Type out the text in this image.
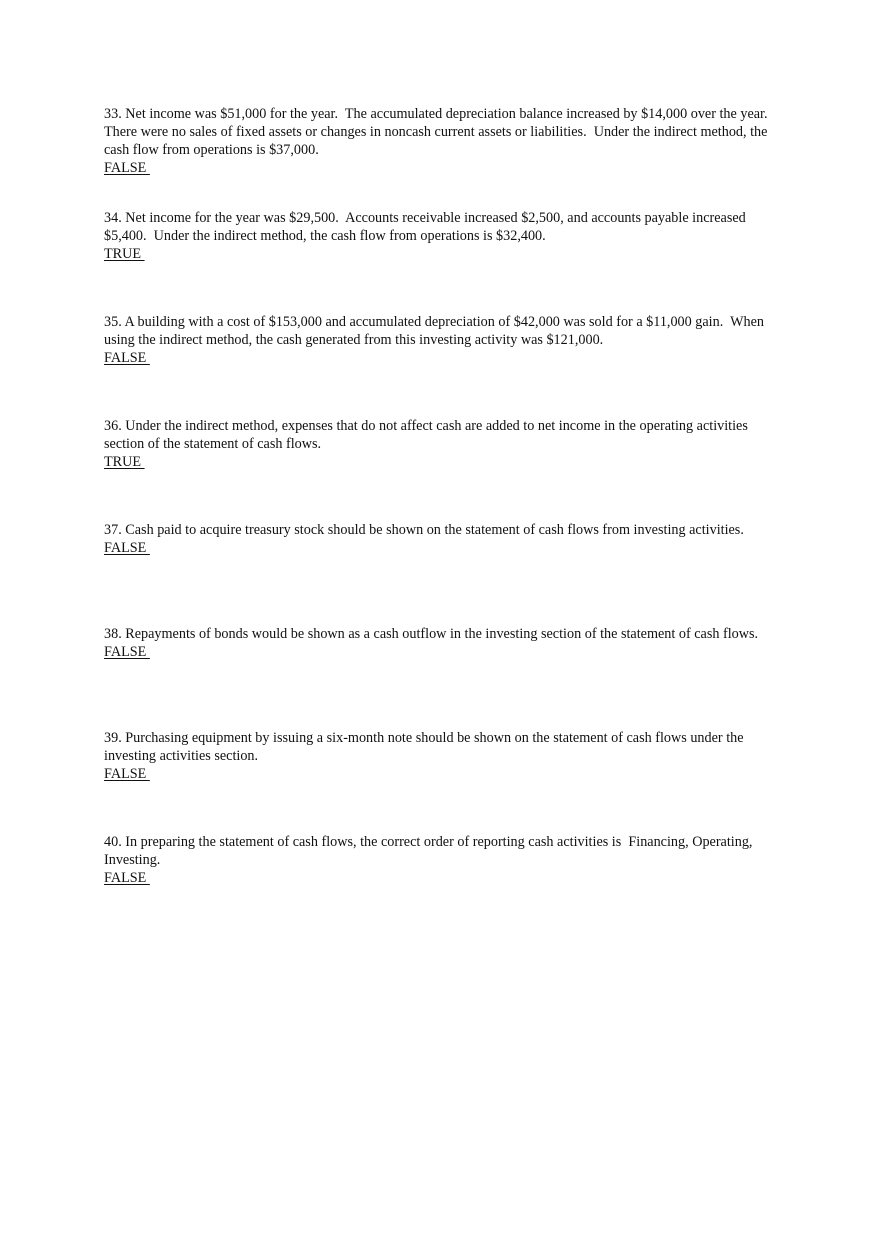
33. Net income was $51,000 for the year.  The accumulated depreciation balance increased by $14,000 over the year.  There were no sales of fixed assets or changes in noncash current assets or liabilities.  Under the indirect method, the cash flow from operations is $37,000.

FALSE

34. Net income for the year was $29,500.  Accounts receivable increased $2,500, and accounts payable increased $5,400.  Under the indirect method, the cash flow from operations is $32,400.

TRUE

35. A building with a cost of $153,000 and accumulated depreciation of $42,000 was sold for a $11,000 gain.  When using the indirect method, the cash generated from this investing activity was $121,000.

FALSE

36. Under the indirect method, expenses that do not affect cash are added to net income in the operating activities section of the statement of cash flows.

TRUE

37. Cash paid to acquire treasury stock should be shown on the statement of cash flows from investing activities.

FALSE

38. Repayments of bonds would be shown as a cash outflow in the investing section of the statement of cash flows.

FALSE

39. Purchasing equipment by issuing a six-month note should be shown on the statement of cash flows under the investing activities section.

FALSE

40. In preparing the statement of cash flows, the correct order of reporting cash activities is  Financing, Operating, Investing.

FALSE
